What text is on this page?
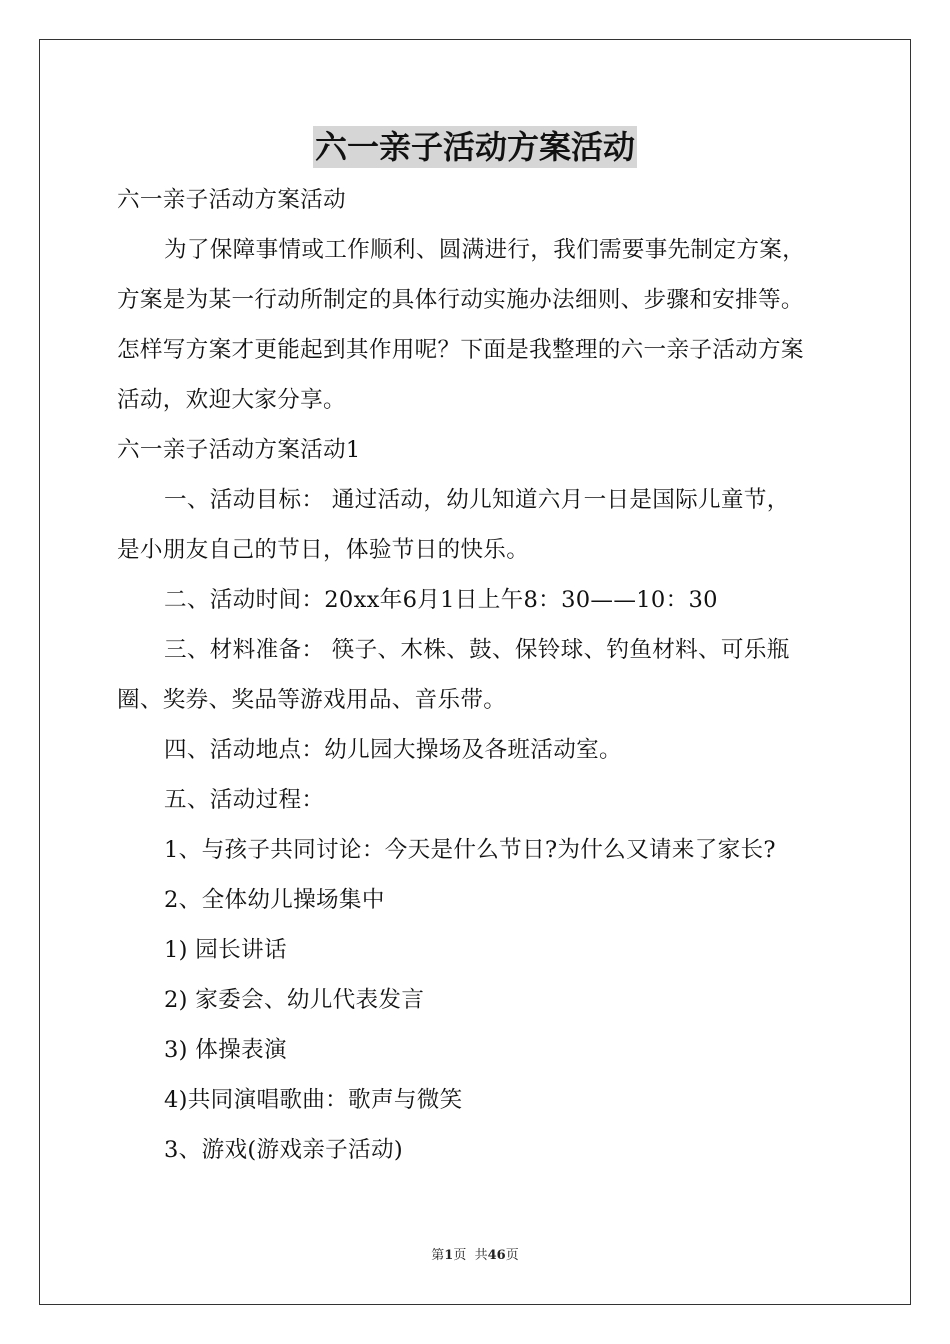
六一亲子活动方案活动
六一亲子活动方案活动
为了保障事情或工作顺利、圆满进行，我们需要事先制定方案，
方案是为某一行动所制定的具体行动实施办法细则、步骤和安排等。
怎样写方案才更能起到其作用呢？下面是我整理的六一亲子活动方案
活动，欢迎大家分享。
六一亲子活动方案活动1
一、活动目标： 通过活动，幼儿知道六月一日是国际儿童节，
是小朋友自己的节日，体验节日的快乐。
二、活动时间：20xx年6月1日上午8：30——10：30
三、材料准备： 筷子、木株、鼓、保铃球、钓鱼材料、可乐瓶
圈、奖券、奖品等游戏用品、音乐带。
四、活动地点：幼儿园大操场及各班活动室。
五、活动过程：
1、与孩子共同讨论：今天是什么节日?为什么又请来了家长?
2、全体幼儿操场集中
1) 园长讲话
2) 家委会、幼儿代表发言
3) 体操表演
4)共同演唱歌曲：歌声与微笑
3、游戏(游戏亲子活动)
第1页  共46页
